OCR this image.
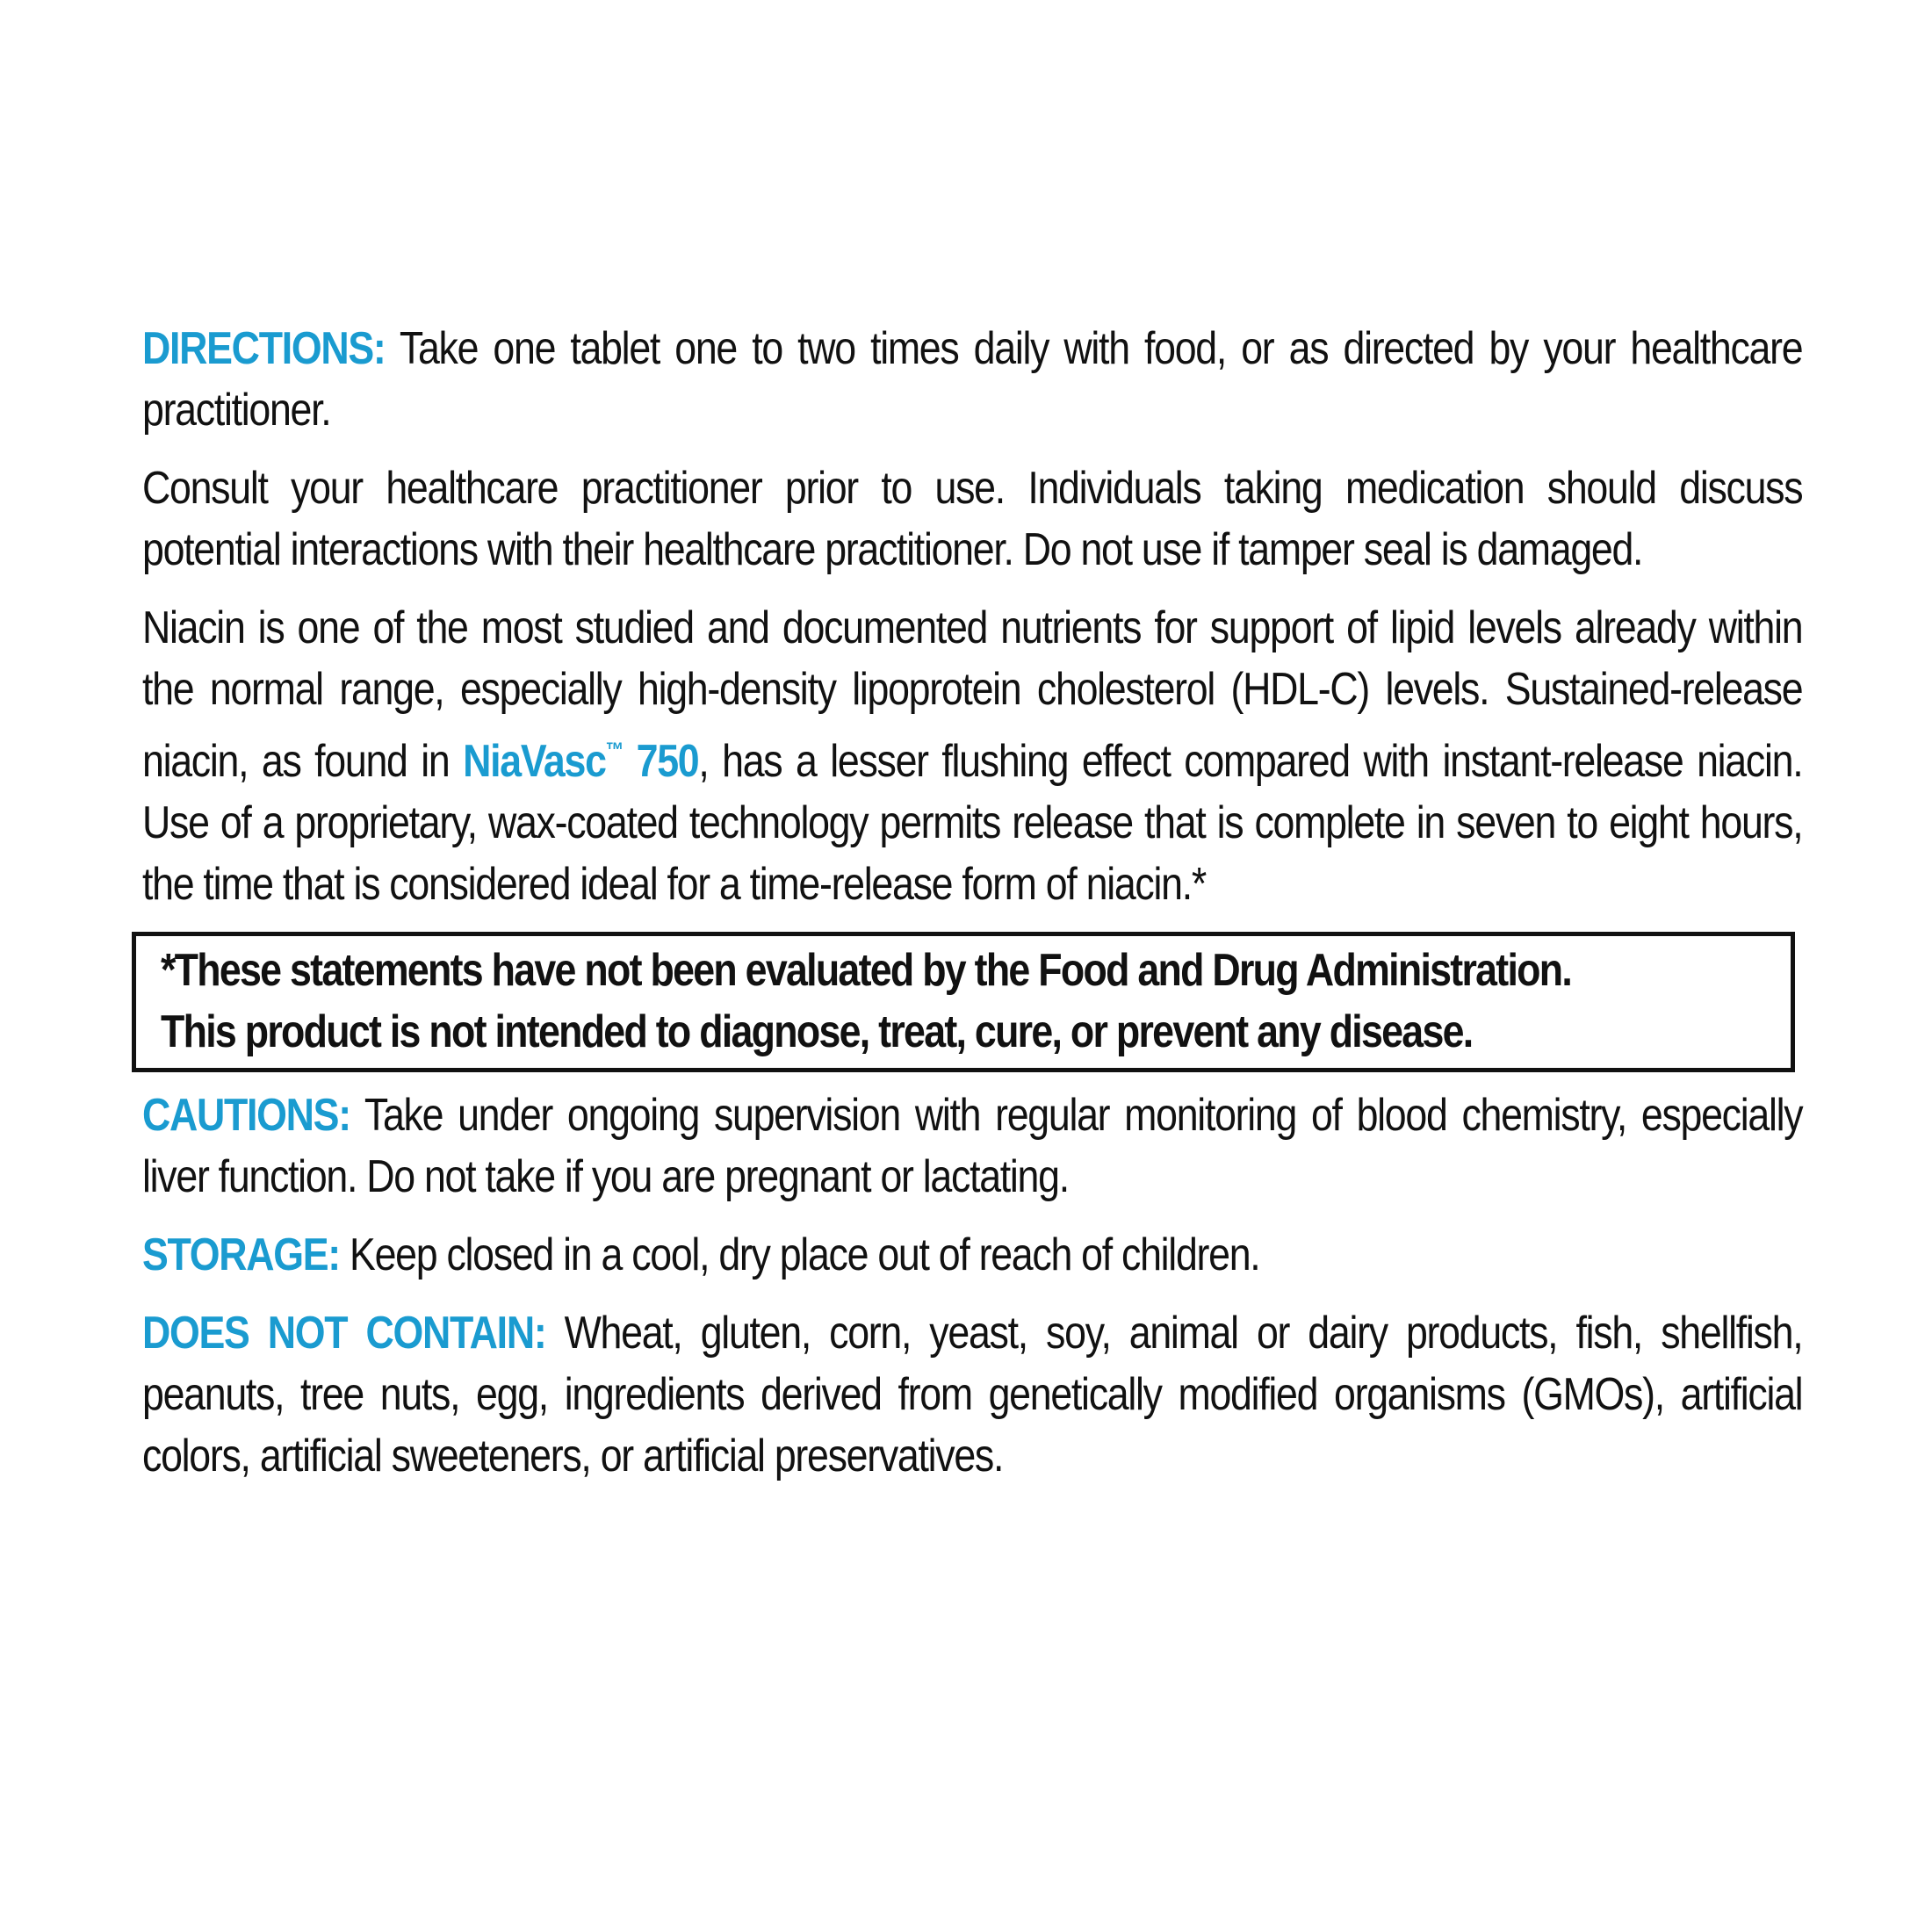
DIRECTIONS: Take one tablet one to two times daily with food, or as directed by your healthcare practitioner.

Consult your healthcare practitioner prior to use. Individuals taking medication should discuss potential interactions with their healthcare practitioner. Do not use if tamper seal is damaged.

Niacin is one of the most studied and documented nutrients for support of lipid levels already within the normal range, especially high-density lipoprotein cholesterol (HDL-C) levels. Sustained-release niacin, as found in NiaVasc™ 750, has a lesser flushing effect compared with instant-release niacin. Use of a proprietary, wax-coated technology permits release that is complete in seven to eight hours, the time that is considered ideal for a time-release form of niacin.*

*These statements have not been evaluated by the Food and Drug Administration.

This product is not intended to diagnose, treat, cure, or prevent any disease.

CAUTIONS: Take under ongoing supervision with regular monitoring of blood chemistry, especially liver function. Do not take if you are pregnant or lactating.

STORAGE: Keep closed in a cool, dry place out of reach of children.

DOES NOT CONTAIN: Wheat, gluten, corn, yeast, soy, animal or dairy products, fish, shellfish, peanuts, tree nuts, egg, ingredients derived from genetically modified organisms (GMOs), artificial colors, artificial sweeteners, or artificial preservatives.
